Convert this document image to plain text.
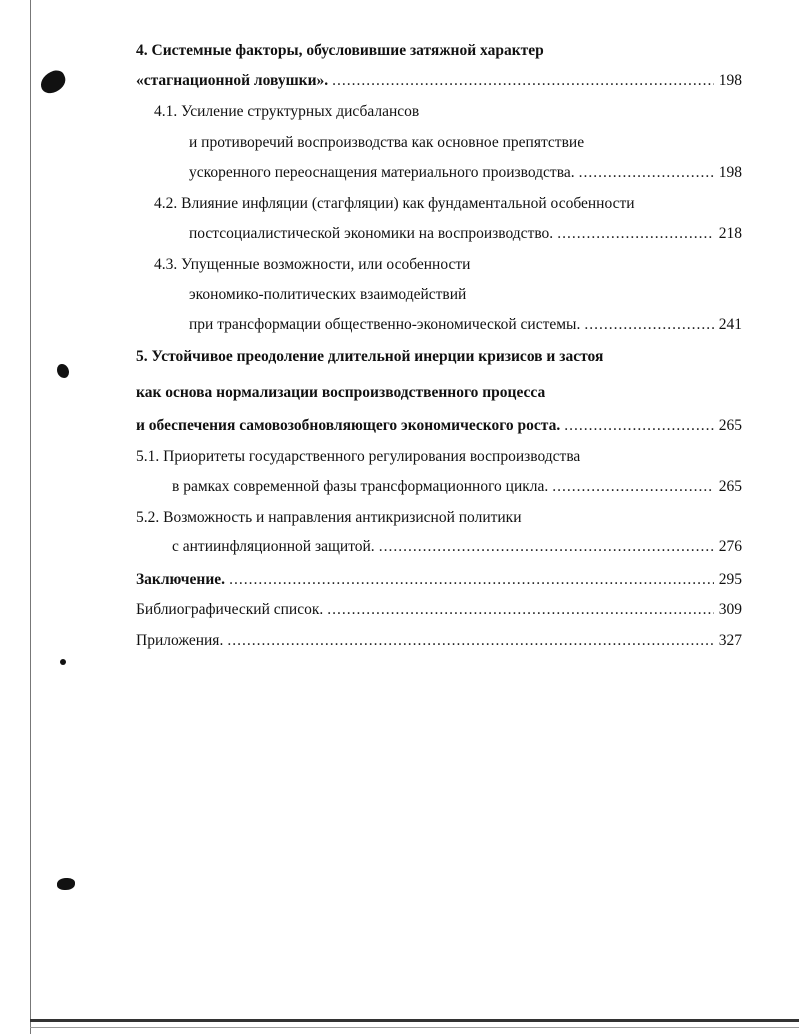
4. Системные факторы, обусловившие затяжной характер
«стагнационной ловушки». .....	198
4.1. Усиление структурных дисбалансов
и противоречий воспроизводства как основное препятствие
ускоренного переоснащения материального производства. .....	198
4.2. Влияние инфляции (стагфляции) как фундаментальной особенности
постсоциалистической экономики на воспроизводство. .....	218
4.3. Упущенные возможности, или особенности
экономико-политических взаимодействий
при трансформации общественно-экономической системы. .....	241
5. Устойчивое преодоление длительной инерции кризисов и застоя
как основа нормализации воспроизводственного процесса
и обеспечения самовозобновляющего экономического роста. .....	265
5.1. Приоритеты государственного регулирования воспроизводства
в рамках современной фазы трансформационного цикла. .....	265
5.2. Возможность и направления антикризисной политики
с антиинфляционной защитой. .....	276
Заключение. .....	295
Библиографический список. .....	309
Приложения. .....	327
